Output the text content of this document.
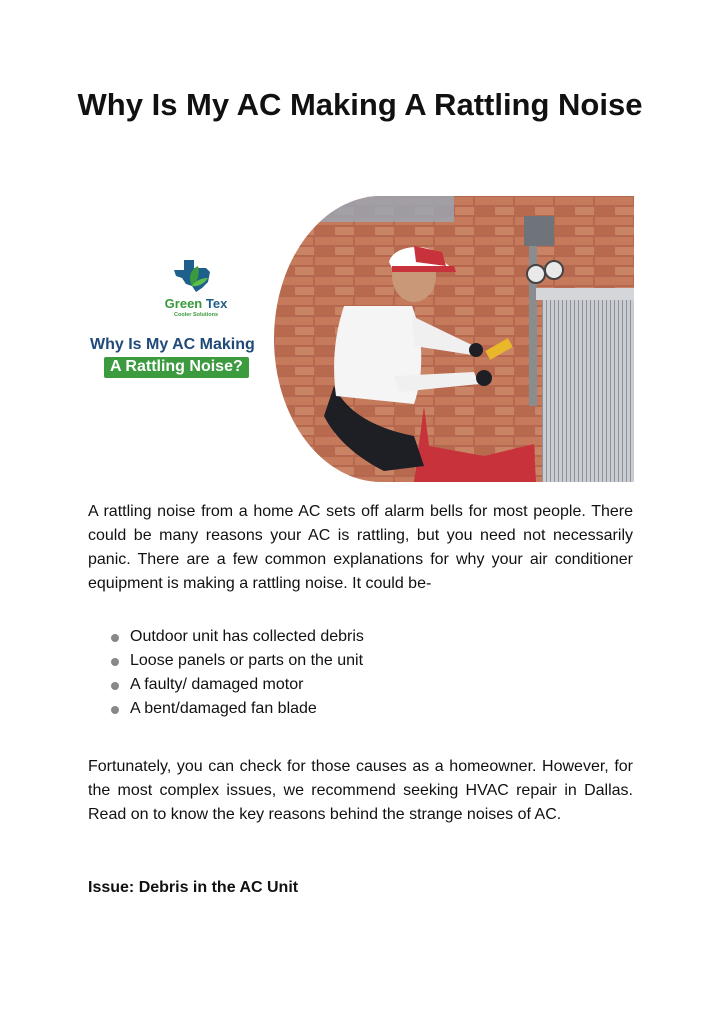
Why Is My AC Making A Rattling Noise
Green Tex
Cooler Solutions
Why Is My AC Making
A Rattling Noise?

A rattling noise from a home AC sets off alarm bells for most people. There could be many reasons your AC is rattling, but you need not necessarily panic. There are a few common explanations for why your air conditioner equipment is making a rattling noise. It could be-

Outdoor unit has collected debris
Loose panels or parts on the unit
A faulty/ damaged motor
A bent/damaged fan blade

Fortunately, you can check for those causes as a homeowner. However, for the most complex issues, we recommend seeking HVAC repair in Dallas. Read on to know the key reasons behind the strange noises of AC.

Issue: Debris in the AC Unit
